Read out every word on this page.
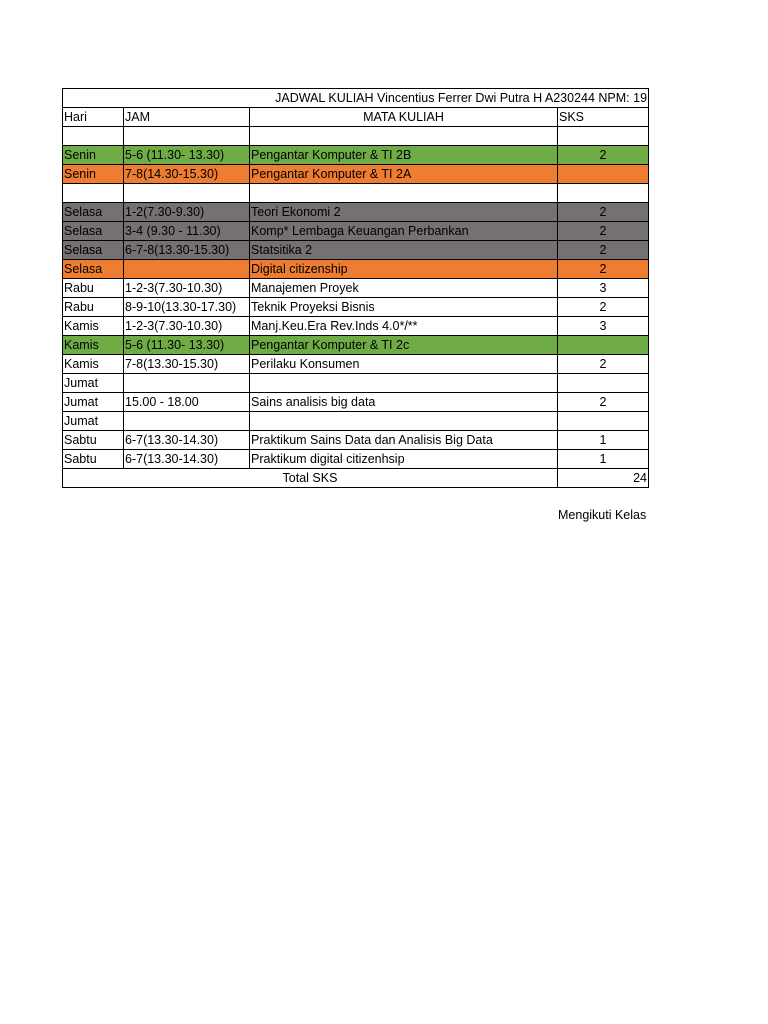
JADWAL KULIAH Vincentius Ferrer Dwi Putra H A230244 NPM: 19			
Hari	JAM	MATA KULIAH	SKS

Senin	5-6 (11.30- 13.30)	Pengantar Komputer & TI 2B	2
Senin	7-8(14.30-15.30)	Pengantar Komputer & TI 2A	

Selasa	1-2(7.30-9.30)	Teori Ekonomi 2	2
Selasa	3-4 (9.30 - 11.30)	Komp* Lembaga Keuangan Perbankan	2
Selasa	6-7-8(13.30-15.30)	Statsitika 2	2
Selasa		Digital citizenship	2
Rabu	1-2-3(7.30-10.30)	Manajemen Proyek	3
Rabu	8-9-10(13.30-17.30)	Teknik Proyeksi Bisnis	2
Kamis	1-2-3(7.30-10.30)	Manj.Keu.Era Rev.Inds 4.0*/**	3
Kamis	5-6 (11.30- 13.30)	Pengantar Komputer & TI 2c	
Kamis	7-8(13.30-15.30)	Perilaku Konsumen	2
Jumat			
Jumat	15.00 - 18.00	Sains analisis big data	2
Jumat			
Sabtu	6-7(13.30-14.30)	Praktikum Sains Data dan Analisis Big Data	1
Sabtu	6-7(13.30-14.30)	Praktikum digital citizenhsip	1
Total SKS	24
Mengikuti Kelas
